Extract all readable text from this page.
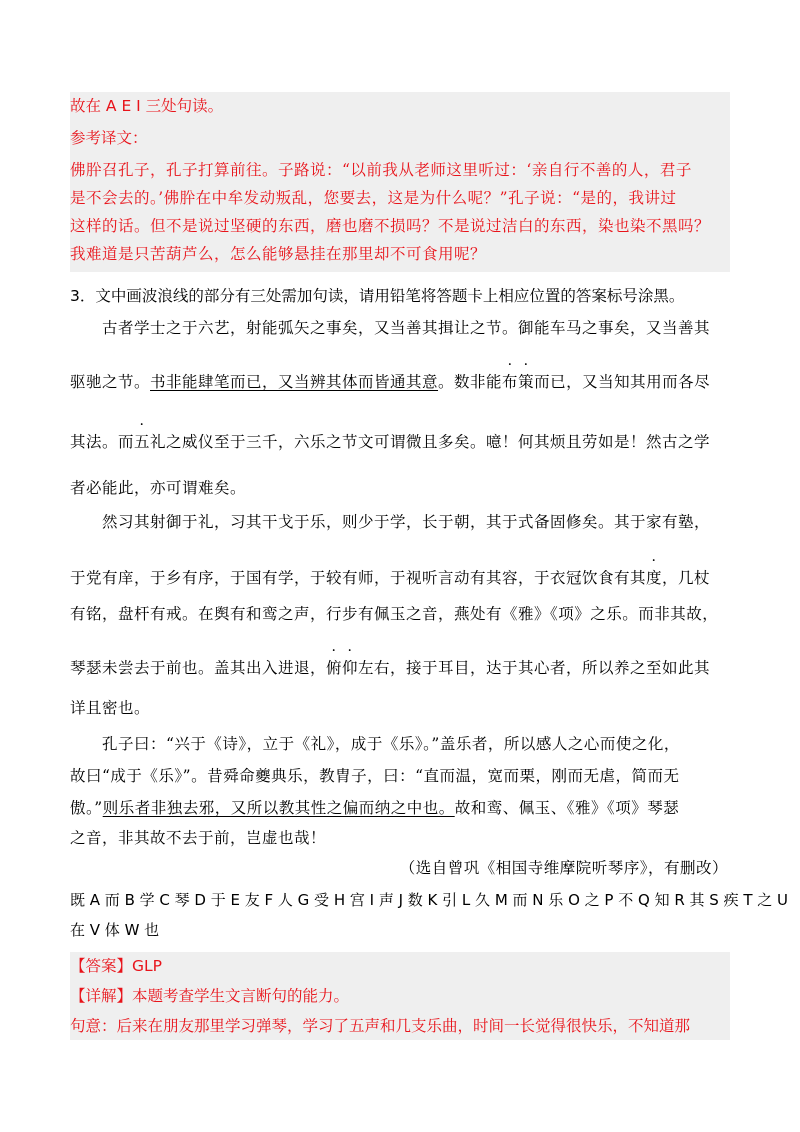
故在 A E I 三处句读。
参考译文：
佛肸召孔子，孔子打算前往。子路说：“以前我从老师这里听过：‘亲自行不善的人，君子
是不会去的。’佛肸在中牟发动叛乱，您要去，这是为什么呢？”孔子说：“是的，我讲过
这样的话。但不是说过坚硬的东西，磨也磨不损吗？不是说过洁白的东西，染也染不黑吗？
我难道是只苦葫芦么，怎么能够悬挂在那里却不可食用呢？
3．文中画波浪线的部分有三处需加句读，请用铅笔将答题卡上相应位置的答案标号涂黑。
古者学士之于六艺，射能弧矢之事矣，又当善其揖让之节。御能车马之事矣，又当善其
驱驰之节。书非能肆笔而已，又当辨其体而皆通其意。数非能布策而已，又当知其用而各尽
其法。而五礼之威仪至于三千，六乐之节文可谓微且多矣。噫！何其烦且劳如是！然古之学
者必能此，亦可谓难矣。
然习其射御于礼，习其干戈于乐，则少于学，长于朝，其于式备固修矣。其于家有塾，
于党有庠，于乡有序，于国有学，于较有师，于视听言动有其容，于衣冠饮食有其度，几杖
有铭，盘杆有戒。在舆有和鸾之声，行步有佩玉之音，燕处有《雅》《项》之乐。而非其故，
琴瑟未尝去于前也。盖其出入进退，俯仰左右，接于耳目，达于其心者，所以养之至如此其
详且密也。
孔子曰：“兴于《诗》，立于《礼》，成于《乐》。”盖乐者，所以感人之心而使之化，
故曰“成于《乐》”。昔舜命夔典乐，教胄子，曰：“直而温，宽而栗，刚而无虐，简而无
傲。”则乐者非独去邪，又所以教其性之偏而纳之中也。故和鸾、佩玉、《雅》《项》琴瑟
之音，非其故不去于前，岂虚也哉！
（选自曾巩《相国寺维摩院听琴序》，有删改）
既 A 而 B 学 C 琴 D 于 E 友 F 人 G 受 H 宫 I 声 J 数 K 引 L 久 M 而 N 乐 O 之 P 不 Q 知 R 其 S 疾 T 之 U
在 V 体 W 也
【答案】GLP
【详解】本题考查学生文言断句的能力。
句意：后来在朋友那里学习弹琴，学习了五声和几支乐曲，时间一长觉得很快乐，不知道那
